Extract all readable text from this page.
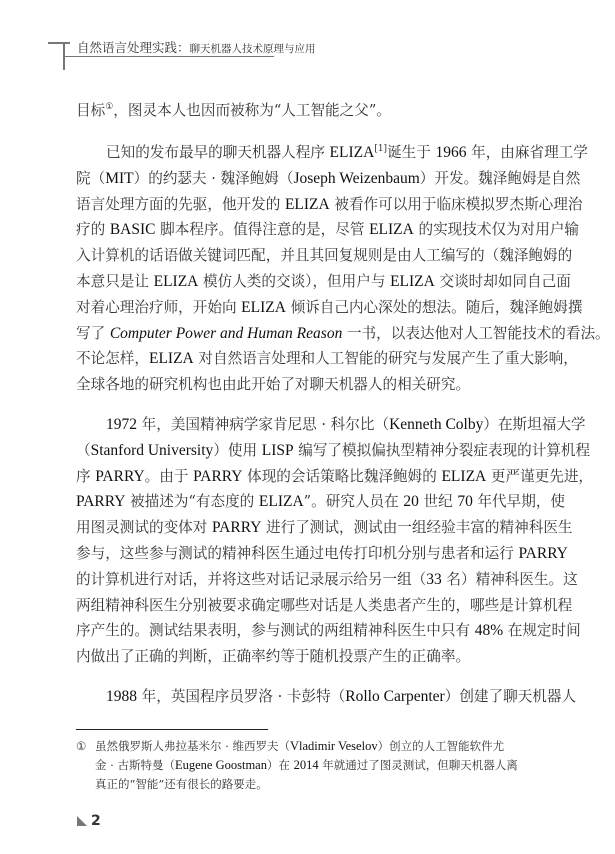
自然语言处理实践：聊天机器人技术原理与应用
目标①，图灵本人也因而被称为“人工智能之父”。
已知的发布最早的聊天机器人程序 ELIZA[1]诞生于 1966 年，由麻省理工学
院（MIT）的约瑟夫 · 魏泽鲍姆（Joseph Weizenbaum）开发。魏泽鲍姆是自然
语言处理方面的先驱，他开发的 ELIZA 被看作可以用于临床模拟罗杰斯心理治
疗的 BASIC 脚本程序。值得注意的是，尽管 ELIZA 的实现技术仅为对用户输
入计算机的话语做关键词匹配，并且其回复规则是由人工编写的（魏泽鲍姆的
本意只是让 ELIZA 模仿人类的交谈），但用户与 ELIZA 交谈时却如同自己面
对着心理治疗师，开始向 ELIZA 倾诉自己内心深处的想法。随后，魏泽鲍姆撰
写了 Computer Power and Human Reason 一书，以表达他对人工智能技术的看法。
不论怎样，ELIZA 对自然语言处理和人工智能的研究与发展产生了重大影响，
全球各地的研究机构也由此开始了对聊天机器人的相关研究。
1972 年，美国精神病学家肯尼思 · 科尔比（Kenneth Colby）在斯坦福大学
（Stanford University）使用 LISP 编写了模拟偏执型精神分裂症表现的计算机程
序 PARRY。由于 PARRY 体现的会话策略比魏泽鲍姆的 ELIZA 更严谨更先进，
PARRY 被描述为“有态度的 ELIZA”。研究人员在 20 世纪 70 年代早期，使
用图灵测试的变体对 PARRY 进行了测试，测试由一组经验丰富的精神科医生
参与，这些参与测试的精神科医生通过电传打印机分别与患者和运行 PARRY
的计算机进行对话，并将这些对话记录展示给另一组（33 名）精神科医生。这
两组精神科医生分别被要求确定哪些对话是人类患者产生的，哪些是计算机程
序产生的。测试结果表明，参与测试的两组精神科医生中只有 48% 在规定时间
内做出了正确的判断，正确率约等于随机投票产生的正确率。
1988 年，英国程序员罗洛 · 卡彭特（Rollo Carpenter）创建了聊天机器人
① 虽然俄罗斯人弗拉基米尔 · 维西罗夫（Vladimir Veselov）创立的人工智能软件尤
金 · 古斯特曼（Eugene Goostman）在 2014 年就通过了图灵测试，但聊天机器人离
真正的“智能”还有很长的路要走。
2
